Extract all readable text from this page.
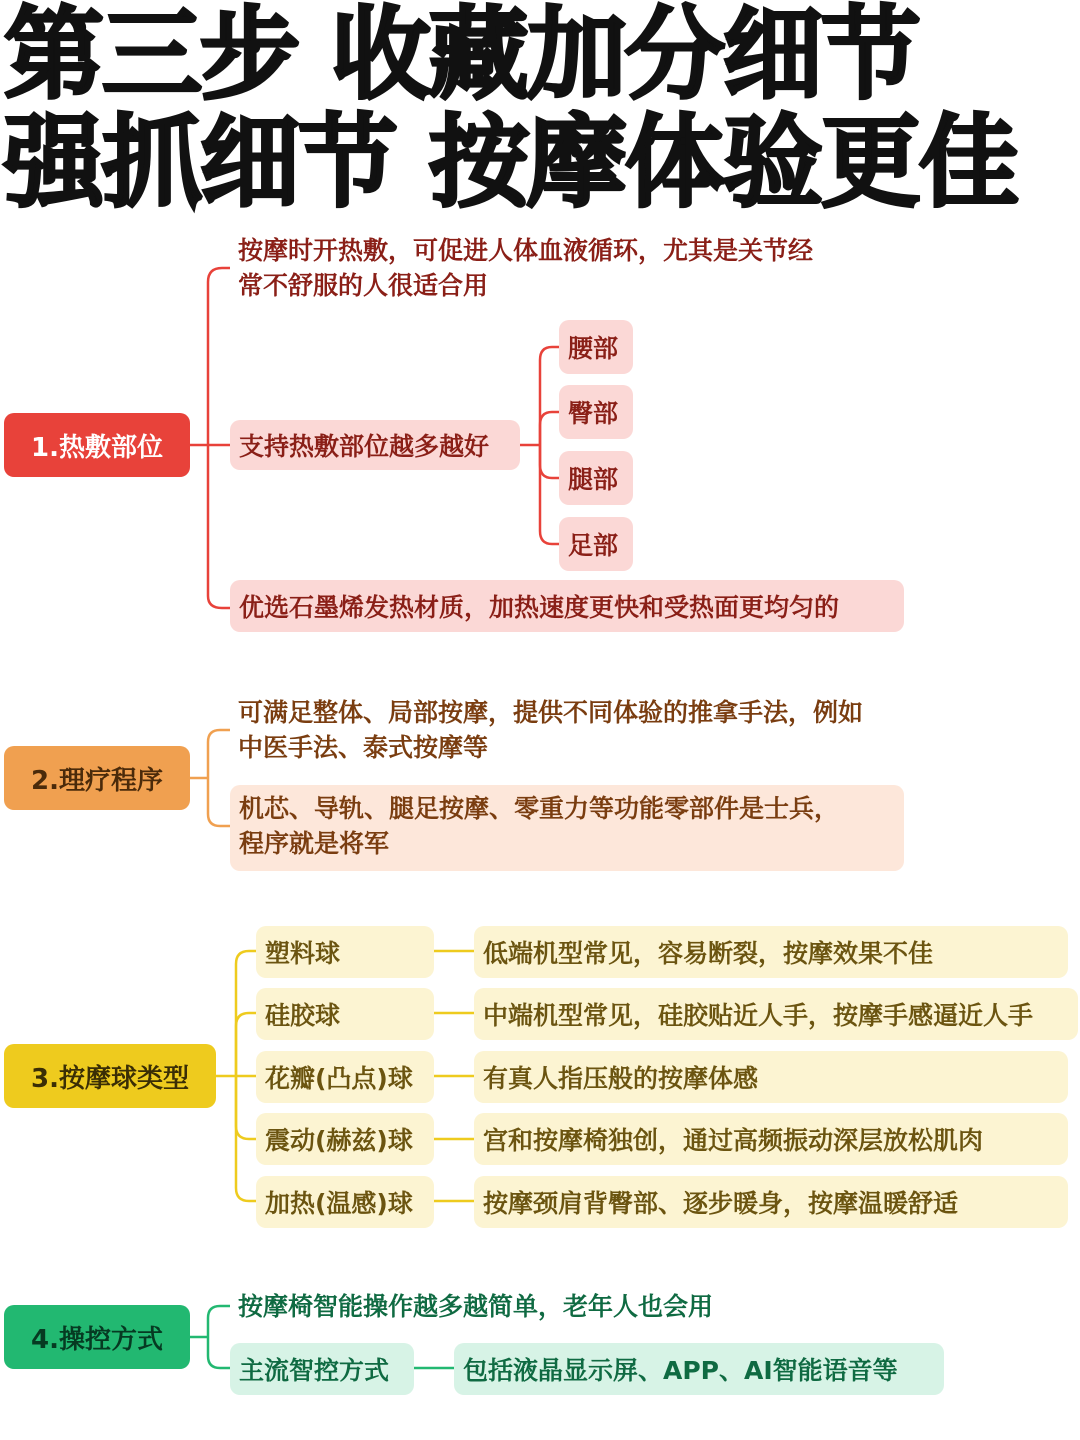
第三步 收藏加分细节
强抓细节 按摩体验更佳
1.热敷部位
按摩时开热敷，可促进人体血液循环，尤其是关节经
常不舒服的人很适合用
支持热敷部位越多越好
腰部
臀部
腿部
足部
优选石墨烯发热材质，加热速度更快和受热面更均匀的
2.理疗程序
可满足整体、局部按摩，提供不同体验的推拿手法，例如
中医手法、泰式按摩等
机芯、导轨、腿足按摩、零重力等功能零部件是士兵，
程序就是将军
3.按摩球类型
塑料球
硅胶球
花瓣(凸点)球
震动(赫兹)球
加热(温感)球
低端机型常见，容易断裂，按摩效果不佳
中端机型常见，硅胶贴近人手，按摩手感逼近人手
有真人指压般的按摩体感
宫和按摩椅独创，通过高频振动深层放松肌肉
按摩颈肩背臀部、逐步暖身，按摩温暖舒适
4.操控方式
按摩椅智能操作越多越简单，老年人也会用
主流智控方式	包括液晶显示屏、APP、AI智能语音等
